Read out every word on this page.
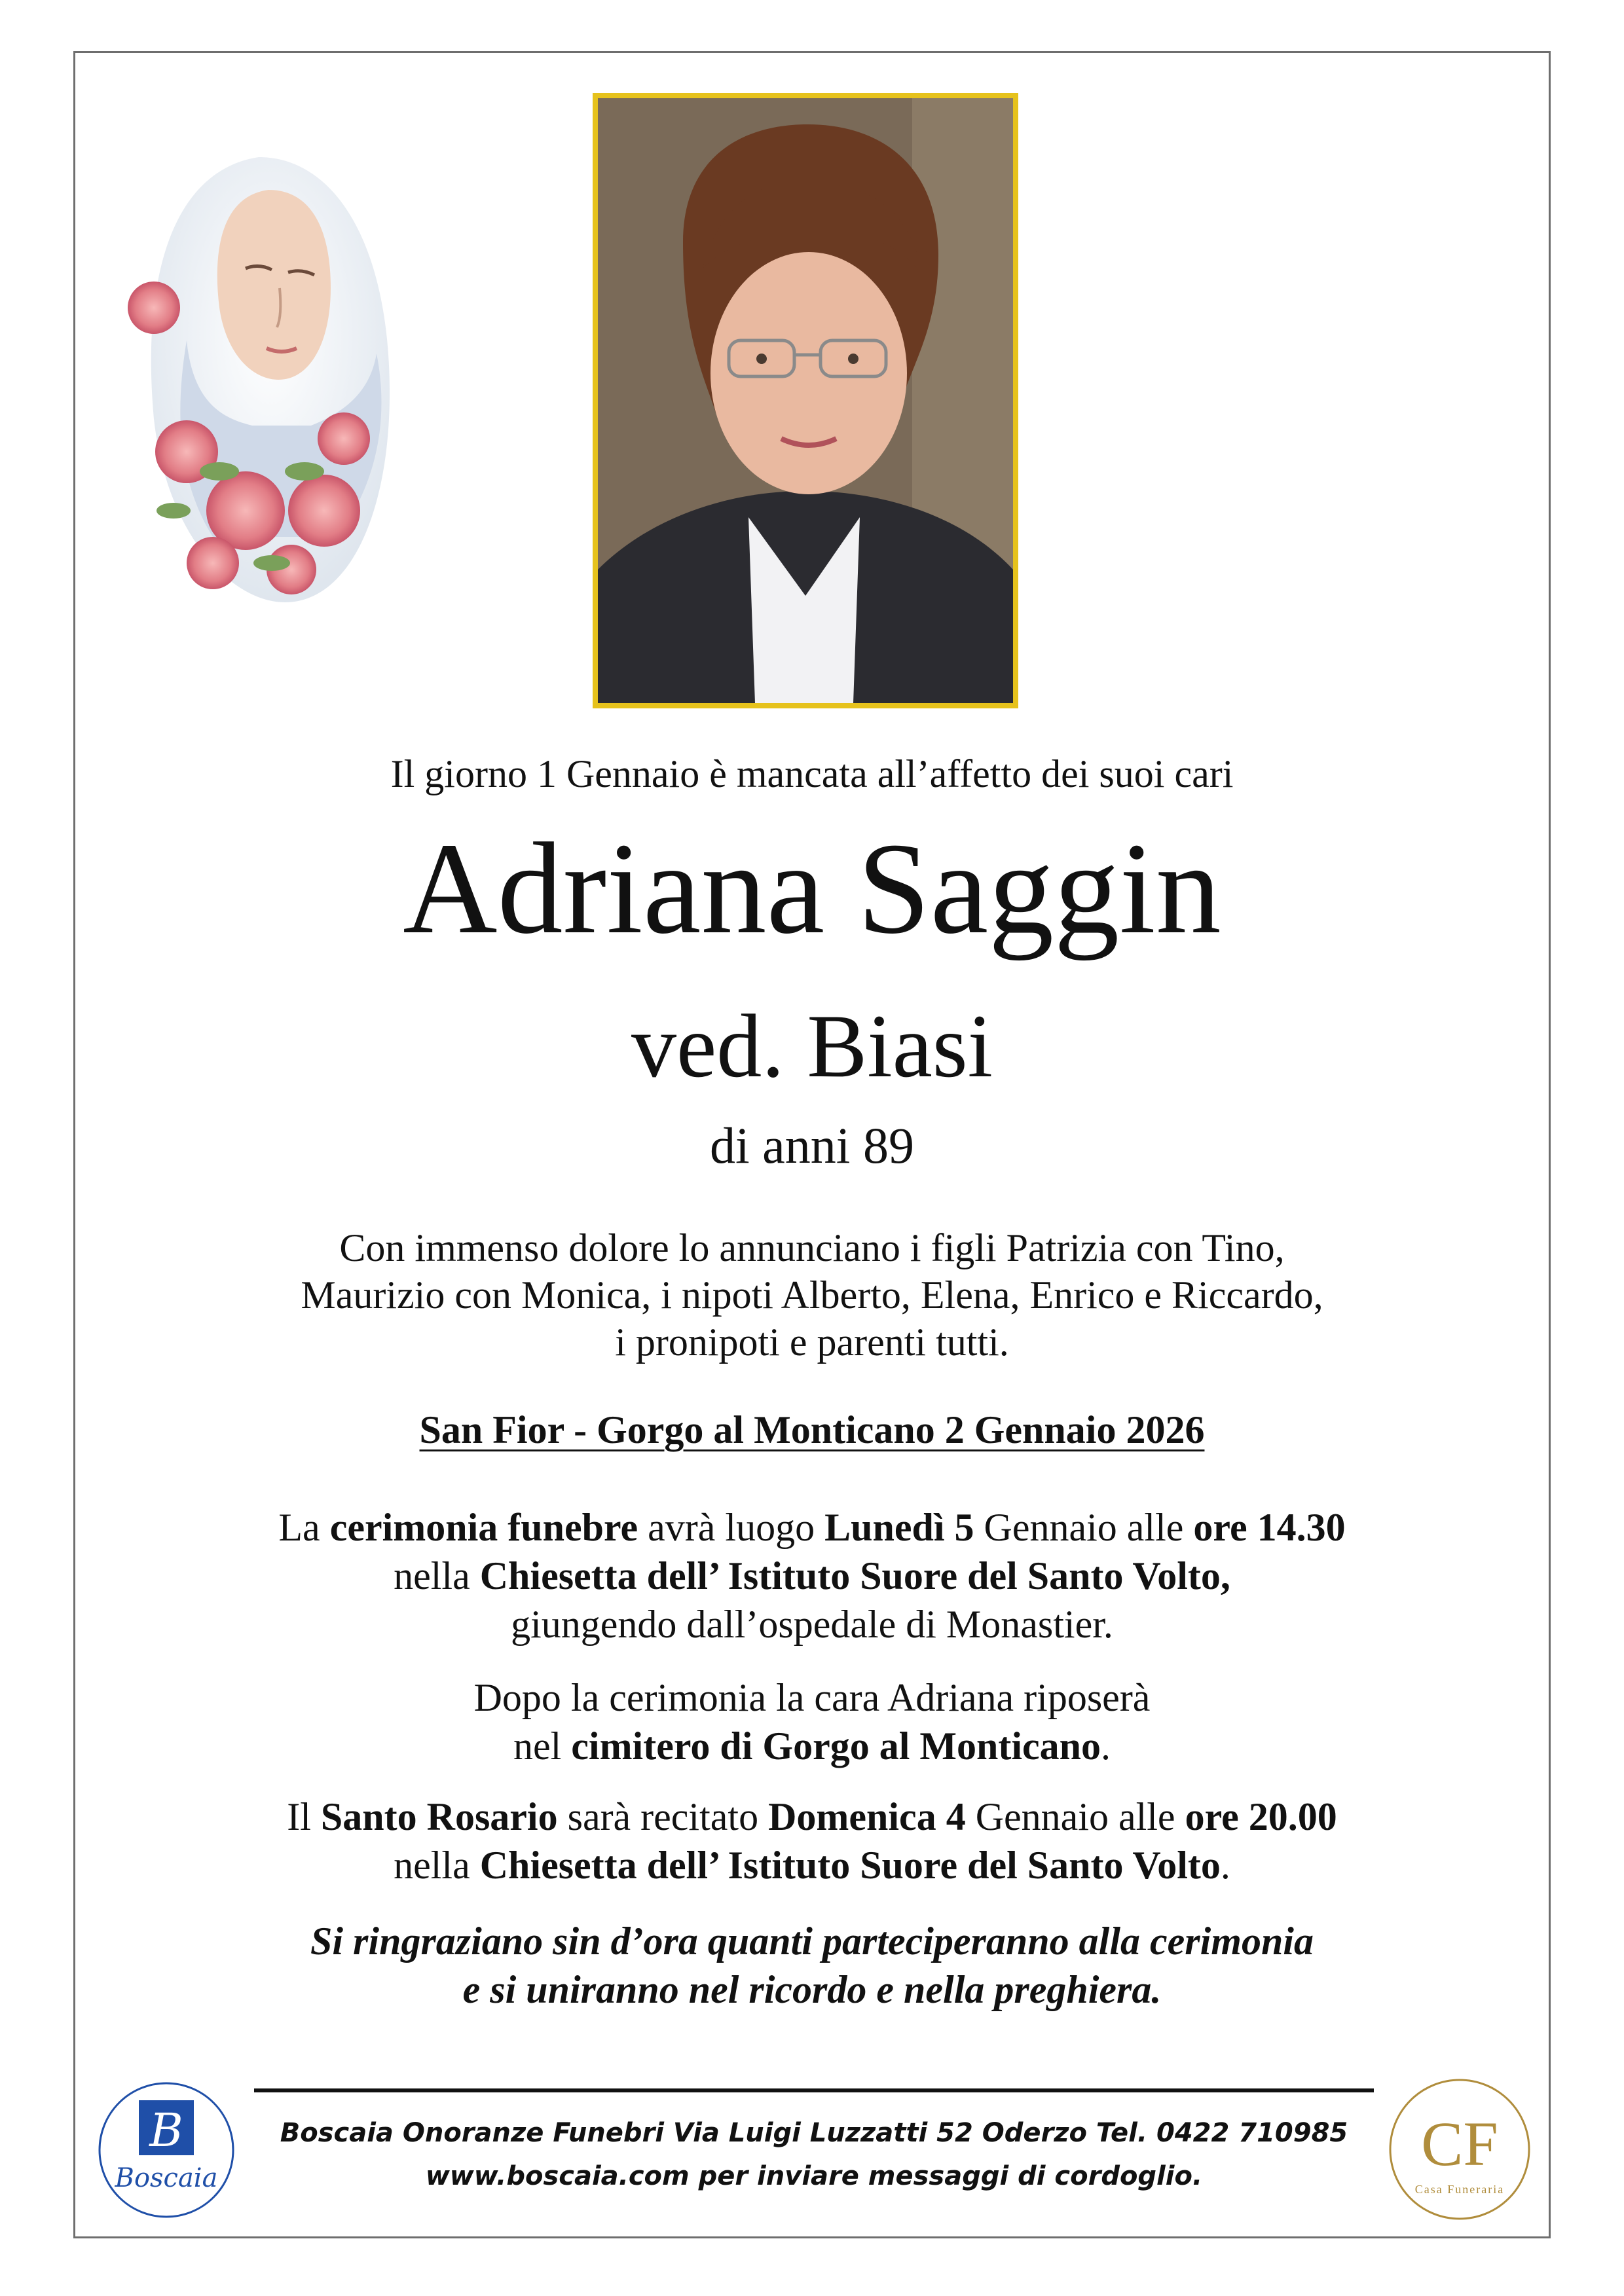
Il giorno 1 Gennaio è mancata all’affetto dei suoi cari
Adriana Saggin
ved. Biasi
di anni 89
Con immenso dolore lo annunciano i figli Patrizia con Tino,
Maurizio con Monica, i nipoti Alberto, Elena, Enrico e Riccardo,
i pronipoti e parenti tutti.
San Fior - Gorgo al Monticano 2 Gennaio 2026
La cerimonia funebre avrà luogo Lunedì 5 Gennaio alle ore 14.30
nella Chiesetta dell’ Istituto Suore del Santo Volto,
giungendo dall’ospedale di Monastier.
Dopo la cerimonia la cara Adriana riposerà
nel cimitero di Gorgo al Monticano.
Il Santo Rosario sarà recitato Domenica 4 Gennaio alle ore 20.00
nella Chiesetta dell’ Istituto Suore del Santo Volto.
Si ringraziano sin d’ora quanti parteciperanno alla cerimonia
e si uniranno nel ricordo e nella preghiera.
Boscaia Onoranze Funebri Via Luigi Luzzatti 52 Oderzo Tel. 0422 710985
www.boscaia.com per inviare messaggi di cordoglio.
B
Boscaia	CF
Casa Funeraria
